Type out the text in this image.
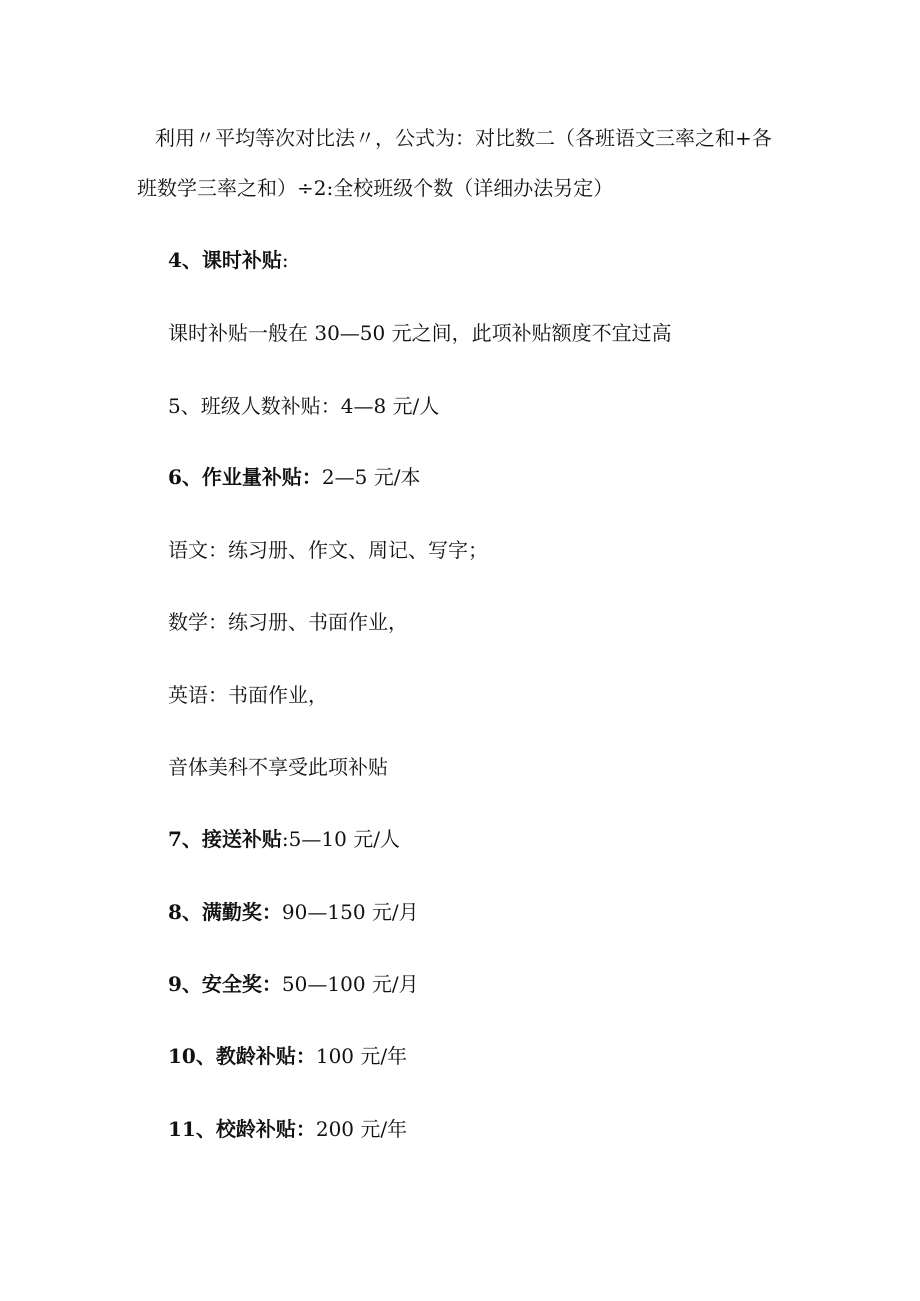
利用〃平均等次对比法〃，公式为：对比数二（各班语文三率之和+各
班数学三率之和）÷2:全校班级个数（详细办法另定）
4、课时补贴:
课时补贴一般在 30—50 元之间，此项补贴额度不宜过高
5、班级人数补贴：4—8 元/人
6、作业量补贴：2—5 元/本
语文：练习册、作文、周记、写字；
数学：练习册、书面作业，
英语：书面作业，
音体美科不享受此项补贴
7、接送补贴:5—10 元/人
8、满勤奖：90—150 元/月
9、安全奖：50—100 元/月
10、教龄补贴：100 元/年
11、校龄补贴：200 元/年
